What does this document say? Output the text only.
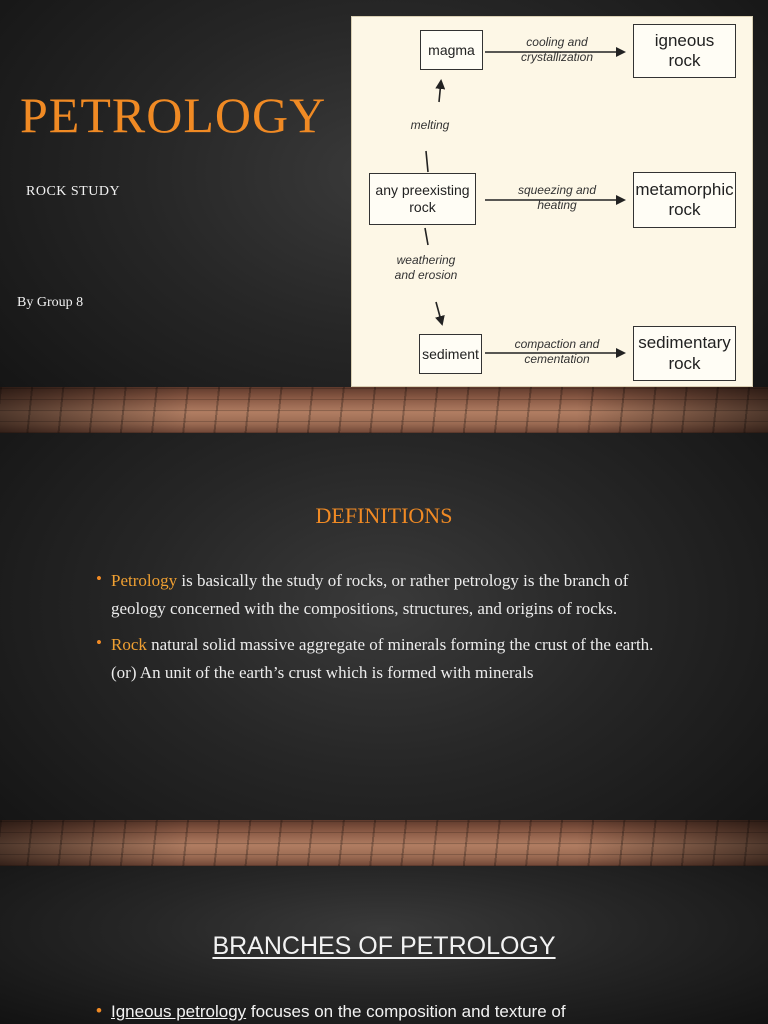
PETROLOGY
ROCK STUDY
By Group 8
magma	igneous
rock
any preexisting
rock
metamorphic
rock
sediment
sedimentary
rock
cooling and
crystallization
melting
squeezing and
heating
weathering
and erosion
compaction and
cementation
DEFINITIONS
• Petrology is basically the study of rocks, or rather petrology is the branch of geology concerned with the compositions, structures, and origins of rocks.
• Rock natural solid massive aggregate of minerals forming the crust of the earth. (or) An unit of the earth’s crust which is formed with minerals
BRANCHES OF PETROLOGY
• Igneous petrology focuses on the composition and texture of
